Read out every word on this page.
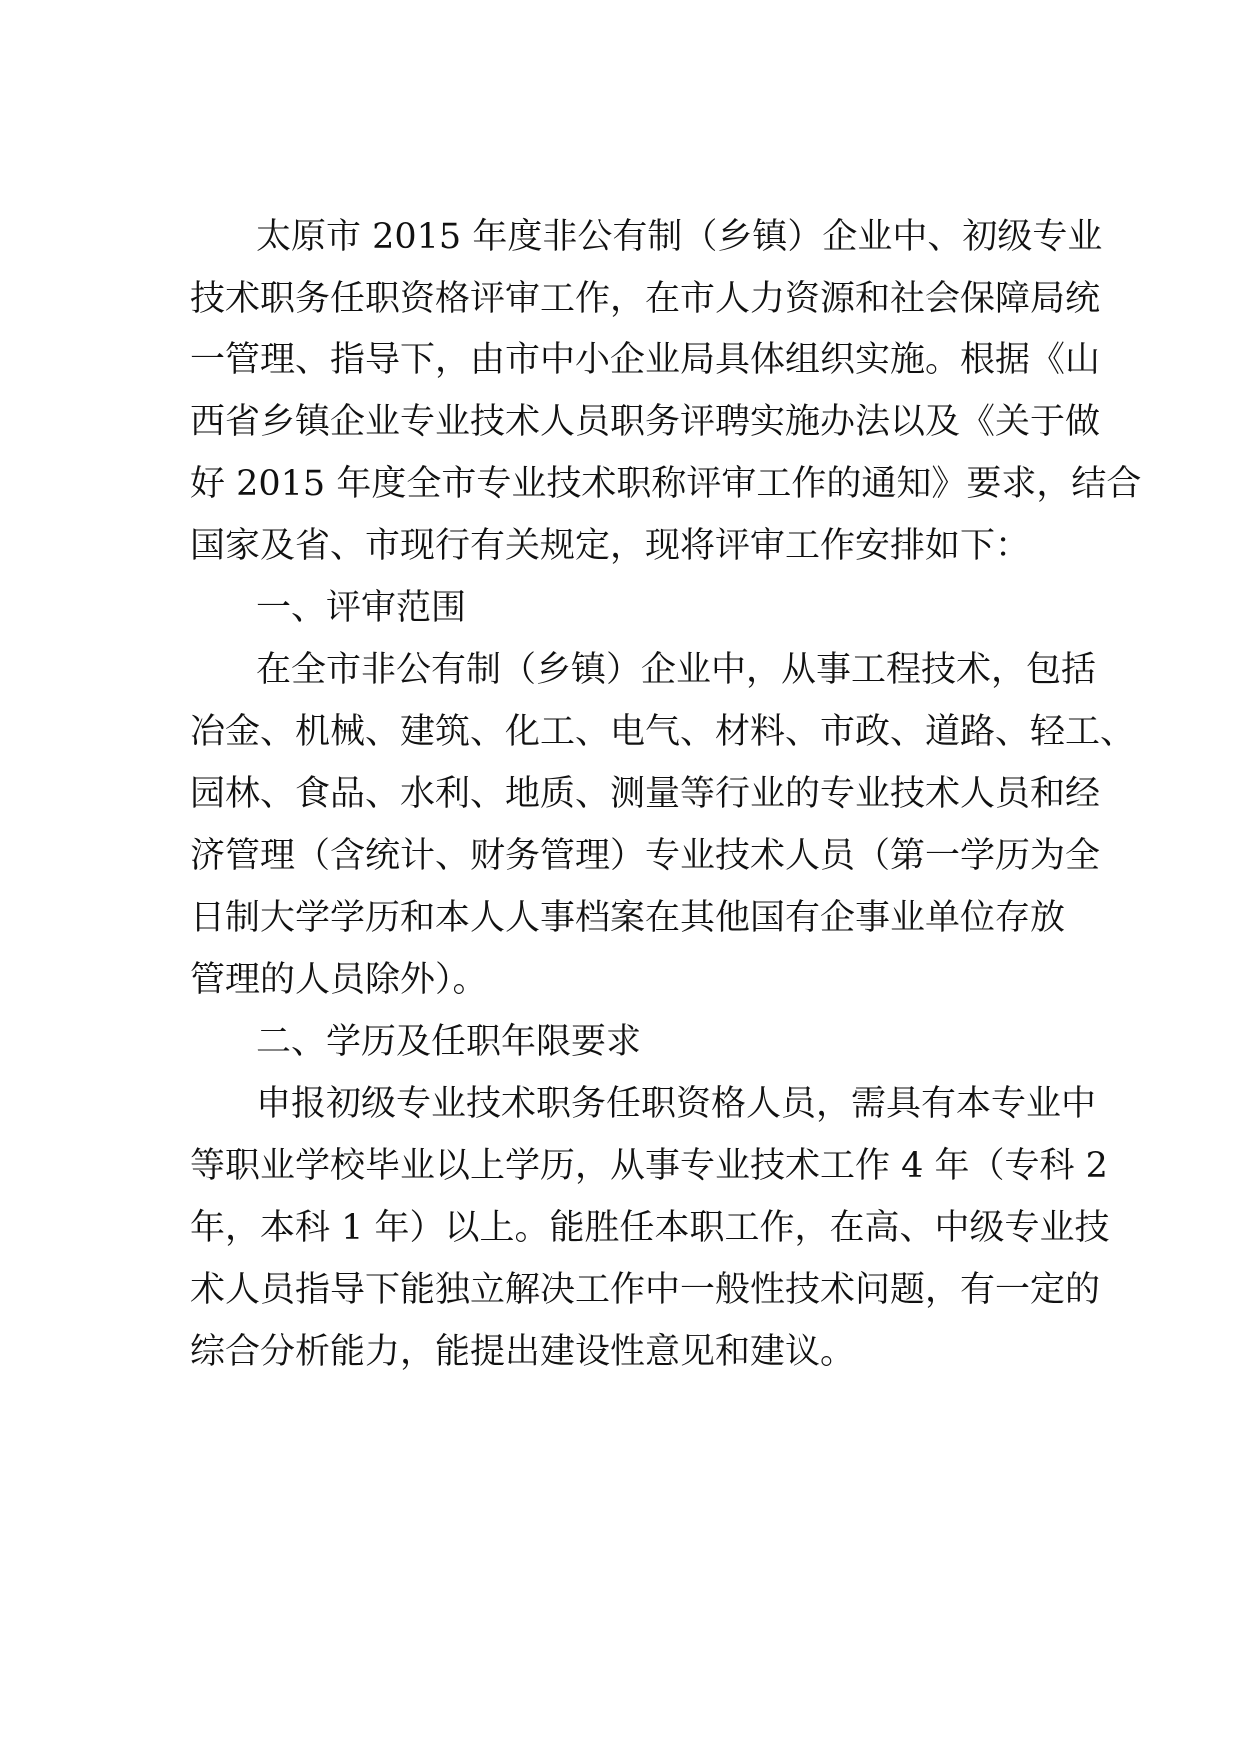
太原市 2015 年度非公有制（乡镇）企业中、初级专业
技术职务任职资格评审工作，在市人力资源和社会保障局统
一管理、指导下，由市中小企业局具体组织实施。根据《山
西省乡镇企业专业技术人员职务评聘实施办法以及《关于做
好 2015 年度全市专业技术职称评审工作的通知》要求，结合
国家及省、市现行有关规定，现将评审工作安排如下：
一、评审范围
在全市非公有制（乡镇）企业中，从事工程技术，包括
冶金、机械、建筑、化工、电气、材料、市政、道路、轻工、
园林、食品、水利、地质、测量等行业的专业技术人员和经
济管理（含统计、财务管理）专业技术人员（第一学历为全
日制大学学历和本人人事档案在其他国有企事业单位存放
管理的人员除外）。
二、学历及任职年限要求
申报初级专业技术职务任职资格人员，需具有本专业中
等职业学校毕业以上学历，从事专业技术工作 4 年（专科 2
年，本科 1 年）以上。能胜任本职工作，在高、中级专业技
术人员指导下能独立解决工作中一般性技术问题，有一定的
综合分析能力，能提出建设性意见和建议。
